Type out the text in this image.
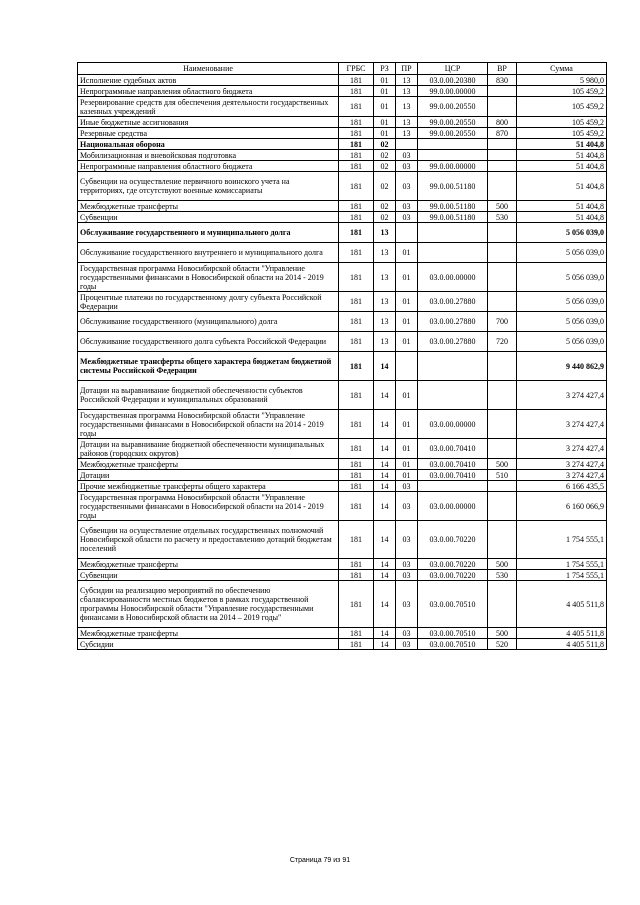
Наименование	ГРБС	РЗ	ПР	ЦСР	ВР	Сумма
Исполнение судебных актов	181	01	13	03.0.00.20380	830	5 980,0
Непрограммные направления областного бюджета	181	01	13	99.0.00.00000		105 459,2
Резервирование средств для обеспечения деятельности государственных казенных учреждений	181	01	13	99.0.00.20550		105 459,2
Иные бюджетные ассигнования	181	01	13	99.0.00.20550	800	105 459,2
Резервные средства	181	01	13	99.0.00.20550	870	105 459,2
Национальная оборона	181	02				51 404,8
Мобилизационная и вневойсковая подготовка	181	02	03			51 404,8
Непрограммные направления областного бюджета	181	02	03	99.0.00.00000		51 404,8
Субвенции на осуществление первичного воинского учета на территориях, где отсутствуют военные комиссариаты	181	02	03	99.0.00.51180		51 404,8
Межбюджетные трансферты	181	02	03	99.0.00.51180	500	51 404,8
Субвенции	181	02	03	99.0.00.51180	530	51 404,8
Обслуживание государственного и муниципального долга	181	13				5 056 039,0
Обслуживание государственного внутреннего и муниципального долга	181	13	01			5 056 039,0
Государственная программа Новосибирской области "Управление государственными финансами в Новосибирской области на 2014 - 2019 годы	181	13	01	03.0.00.00000		5 056 039,0
Процентные платежи по государственному долгу субъекта Российской Федерации	181	13	01	03.0.00.27880		5 056 039,0
Обслуживание государственного (муниципального) долга	181	13	01	03.0.00.27880	700	5 056 039,0
Обслуживание государственного долга субъекта Российской Федерации	181	13	01	03.0.00.27880	720	5 056 039,0
Межбюджетные трансферты общего характера бюджетам бюджетной системы Российской Федерации	181	14				9 440 862,9
Дотации на выравнивание бюджетной обеспеченности субъектов Российской Федерации и муниципальных образований	181	14	01			3 274 427,4
Государственная программа Новосибирской области "Управление государственными финансами в Новосибирской области на 2014 - 2019 годы	181	14	01	03.0.00.00000		3 274 427,4
Дотации на выравнивание бюджетной обеспеченности муниципальных районов (городских округов)	181	14	01	03.0.00.70410		3 274 427,4
Межбюджетные трансферты	181	14	01	03.0.00.70410	500	3 274 427,4
Дотации	181	14	01	03.0.00.70410	510	3 274 427,4
Прочие межбюджетные трансферты общего характера	181	14	03			6 166 435,5
Государственная программа Новосибирской области "Управление государственными финансами в Новосибирской области на 2014 - 2019 годы	181	14	03	03.0.00.00000		6 160 066,9
Субвенции на осуществление отдельных государственных полномочий Новосибирской области по расчету и предоставлению дотаций бюджетам поселений	181	14	03	03.0.00.70220		1 754 555,1
Межбюджетные трансферты	181	14	03	03.0.00.70220	500	1 754 555,1
Субвенции	181	14	03	03.0.00.70220	530	1 754 555,1
Субсидии на реализацию мероприятий по обеспечению сбалансированности местных бюджетов в рамках государственной программы Новосибирской области "Управление государственными финансами в Новосибирской области на 2014 – 2019 годы"	181	14	03	03.0.00.70510		4 405 511,8
Межбюджетные трансферты	181	14	03	03.0.00.70510	500	4 405 511,8
Субсидии	181	14	03	03.0.00.70510	520	4 405 511,8
Страница 79 из 91
